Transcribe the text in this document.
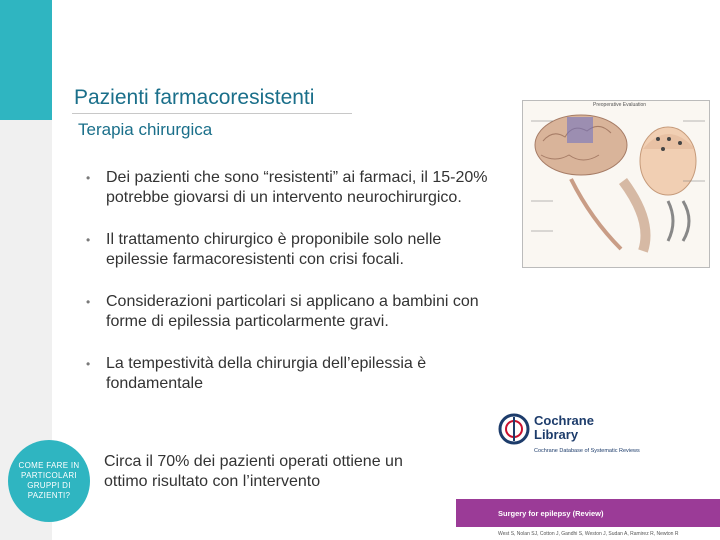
COME FARE IN PARTICOLARI GRUPPI DI PAZIENTI?
Pazienti farmacoresistenti
Terapia chirurgica
• Dei pazienti che sono “resistenti” ai farmaci, il 15-20% potrebbe giovarsi di un intervento neurochirurgico.
• Il trattamento chirurgico è proponibile solo nelle epilessie farmacoresistenti con crisi focali.
• Considerazioni particolari si applicano a bambini con forme di epilessia particolarmente gravi.
• La tempestività della chirurgia dell’epilessia è fondamentale
Circa il 70% dei pazienti operati ottiene un ottimo risultato con l’intervento
Preoperative Evaluation
Cochrane
Library
Cochrane Database of Systematic Reviews
Surgery for epilepsy (Review)
West S, Nolan SJ, Cotton J, Gandhi S, Weston J, Sudan A, Ramirez R, Newton R
